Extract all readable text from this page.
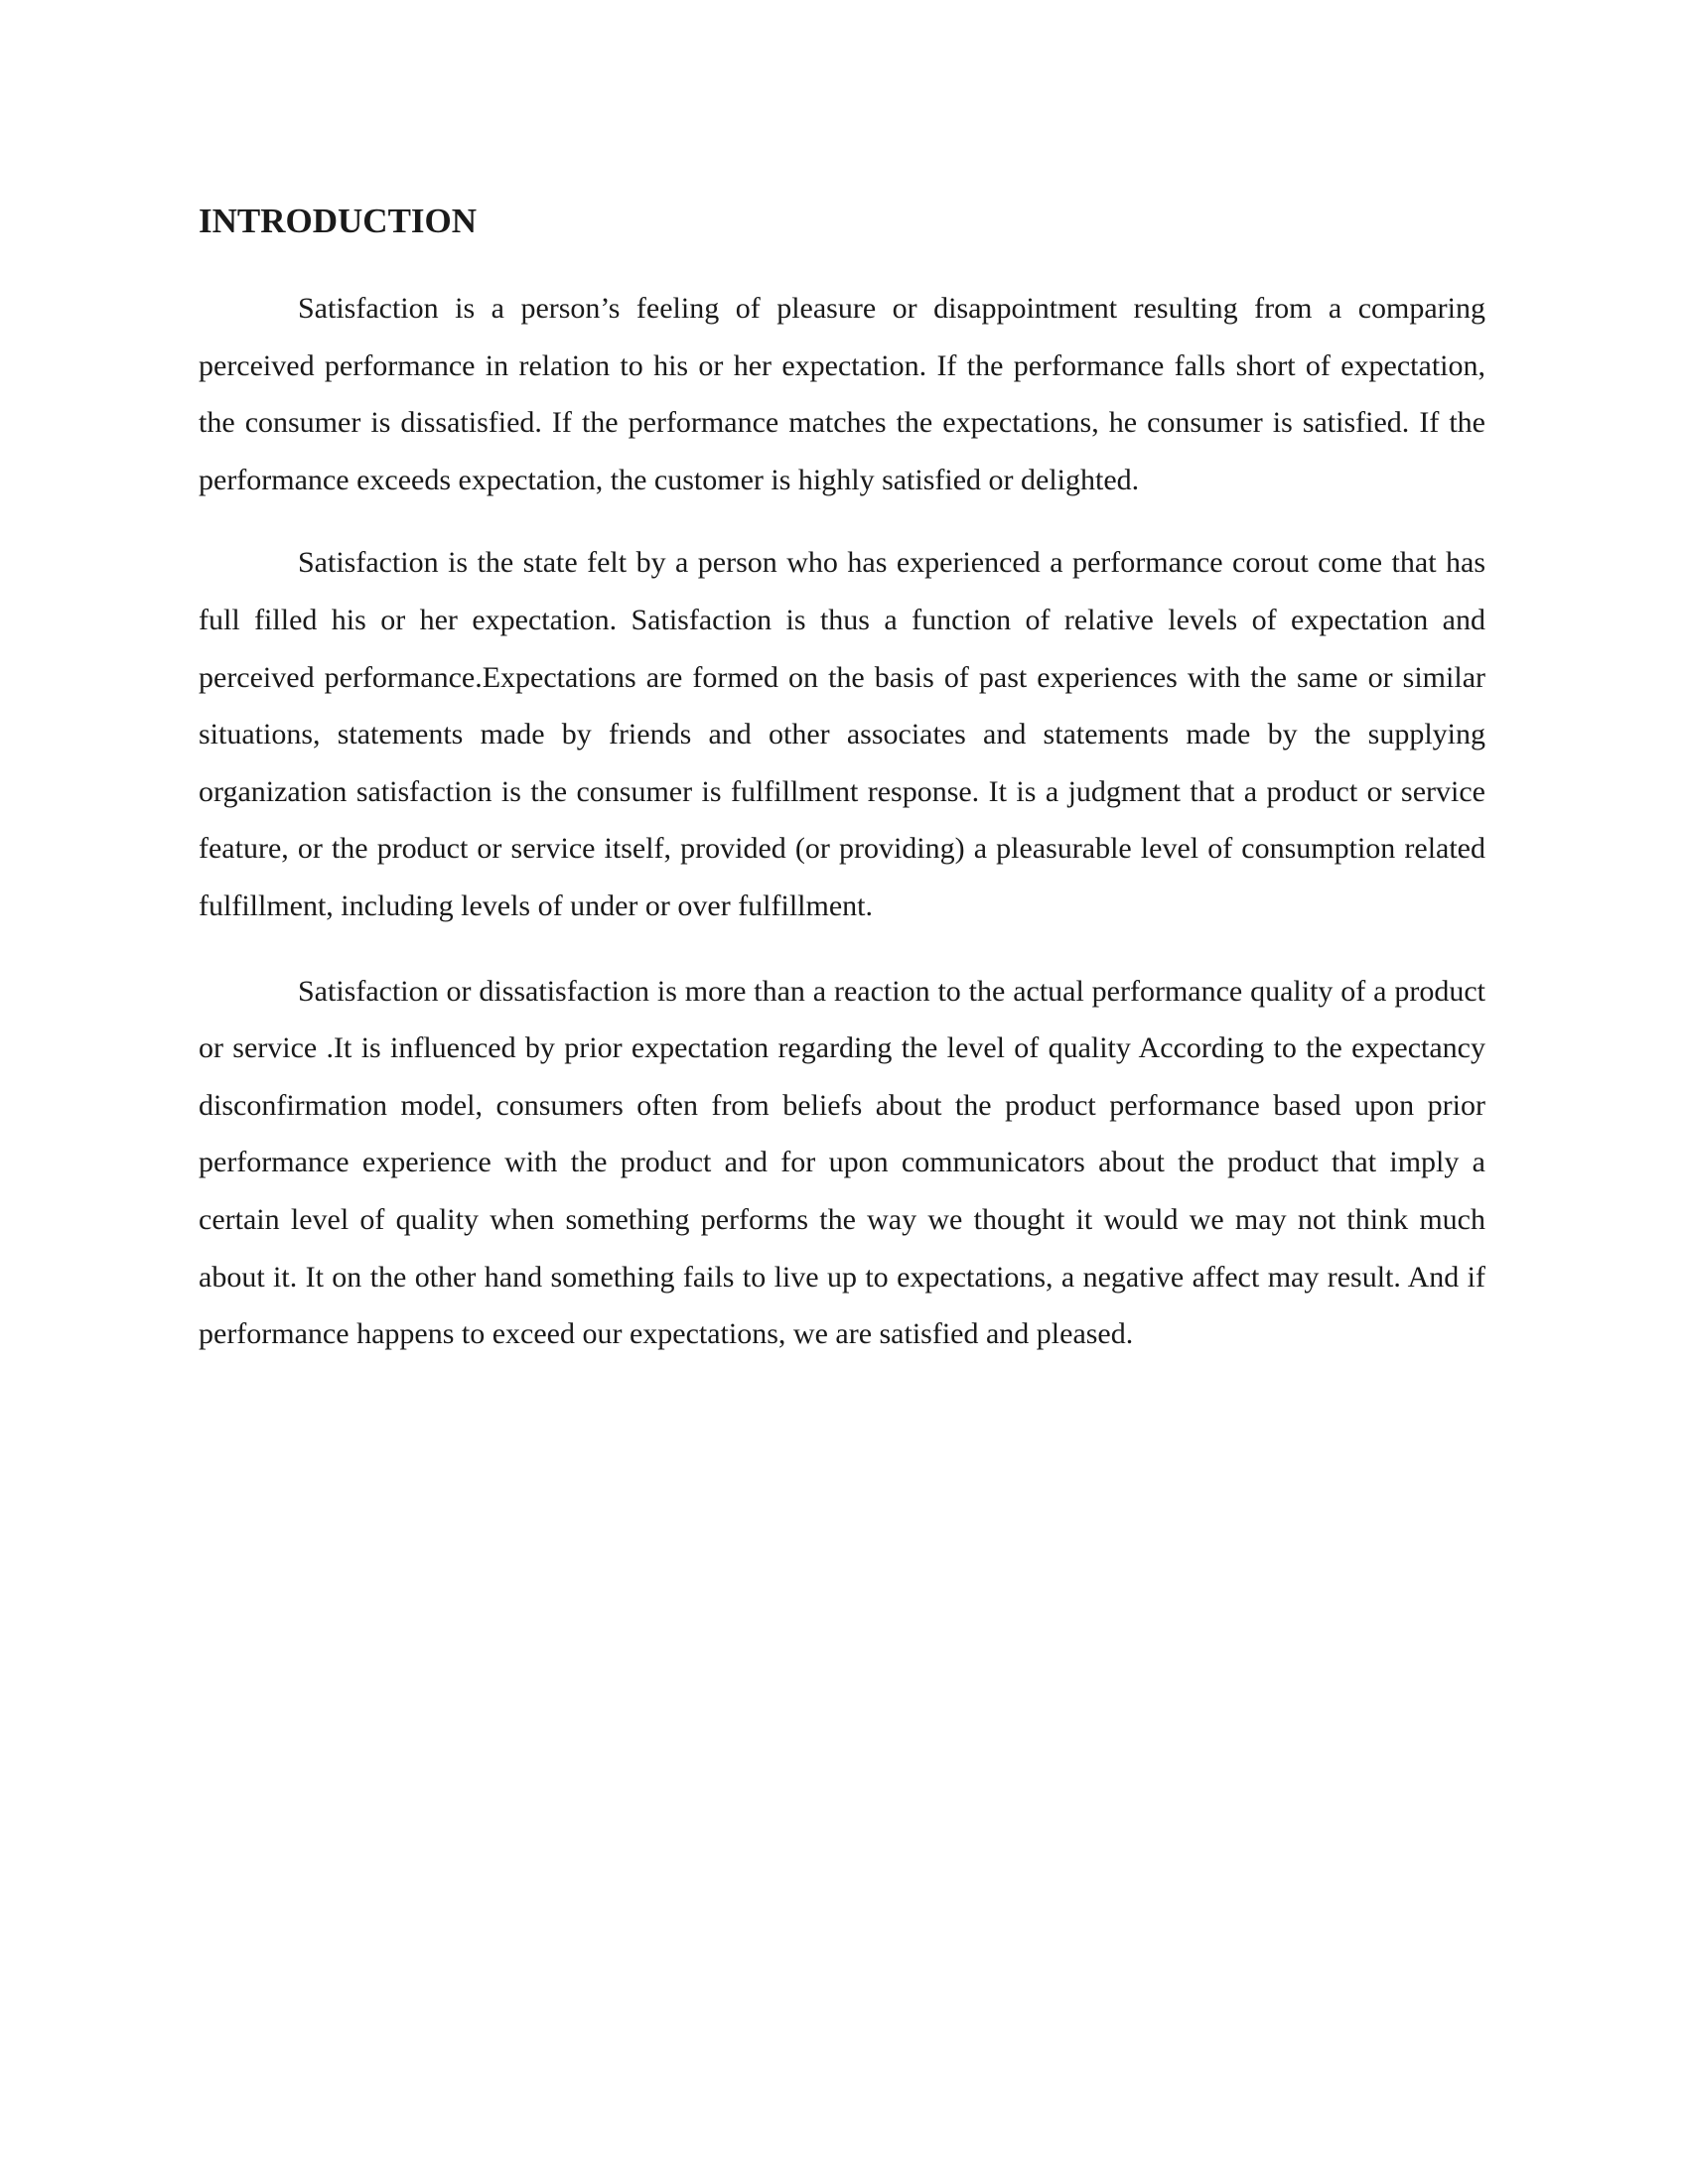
INTRODUCTION

Satisfaction is a person’s feeling of pleasure or disappointment resulting from a comparing perceived performance in relation to his or her expectation. If the performance falls short of expectation, the consumer is dissatisfied. If the performance matches the expectations, he consumer is satisfied. If the performance exceeds expectation, the customer is highly satisfied or delighted.

Satisfaction is the state felt by a person who has experienced a performance corout come that has full filled his or her expectation. Satisfaction is thus a function of relative levels of expectation and perceived performance.Expectations are formed on the basis of past experiences with the same or similar situations, statements made by friends and other associates and statements made by the supplying organization satisfaction is the consumer is fulfillment response. It is a judgment that a product or service feature, or the product or service itself, provided (or providing) a pleasurable level of consumption related fulfillment, including levels of under or over fulfillment.

Satisfaction or dissatisfaction is more than a reaction to the actual performance quality of a product or service .It is influenced by prior expectation regarding the level of quality According to the expectancy disconfirmation model, consumers often from beliefs about the product performance based upon prior performance experience with the product and for upon communicators about the product that imply a certain level of quality when something performs the way we thought it would we may not think much about it. It on the other hand something fails to live up to expectations, a negative affect may result. And if performance happens to exceed our expectations, we are satisfied and pleased.
